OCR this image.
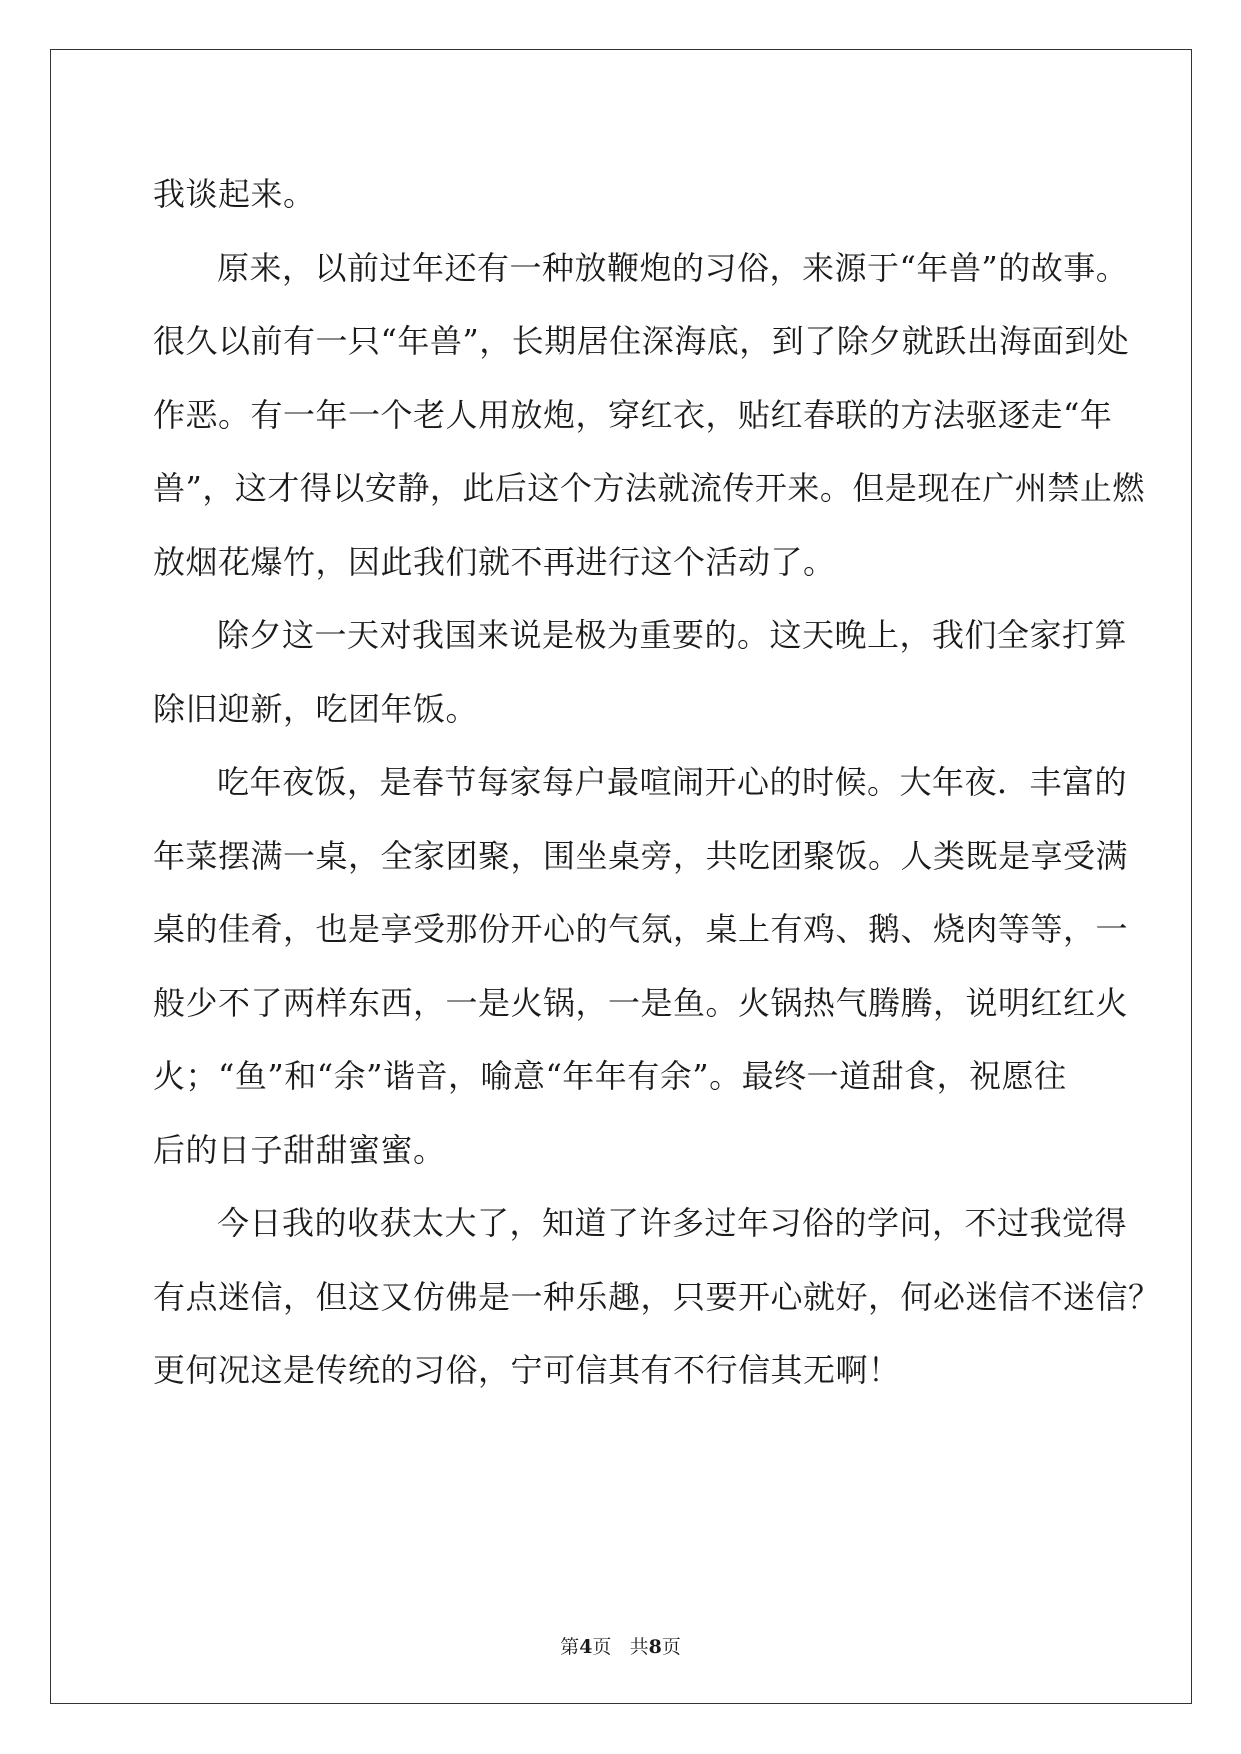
我谈起来。
原来，以前过年还有一种放鞭炮的习俗，来源于“年兽”的故事。
很久以前有一只“年兽”，长期居住深海底，到了除夕就跃出海面到处
作恶。有一年一个老人用放炮，穿红衣，贴红春联的方法驱逐走“年
兽”，这才得以安静，此后这个方法就流传开来。但是现在广州禁止燃
放烟花爆竹，因此我们就不再进行这个活动了。
除夕这一天对我国来说是极为重要的。这天晚上，我们全家打算
除旧迎新，吃团年饭。
吃年夜饭，是春节每家每户最喧闹开心的时候。大年夜．丰富的
年菜摆满一桌，全家团聚，围坐桌旁，共吃团聚饭。人类既是享受满
桌的佳肴，也是享受那份开心的气氛，桌上有鸡、鹅、烧肉等等，一
般少不了两样东西，一是火锅，一是鱼。火锅热气腾腾，说明红红火
火；“鱼”和“余”谐音，喻意“年年有余”。最终一道甜食，祝愿往
后的日子甜甜蜜蜜。
今日我的收获太大了，知道了许多过年习俗的学问，不过我觉得
有点迷信，但这又仿佛是一种乐趣，只要开心就好，何必迷信不迷信？
更何况这是传统的习俗，宁可信其有不行信其无啊！
第4页 共8页
